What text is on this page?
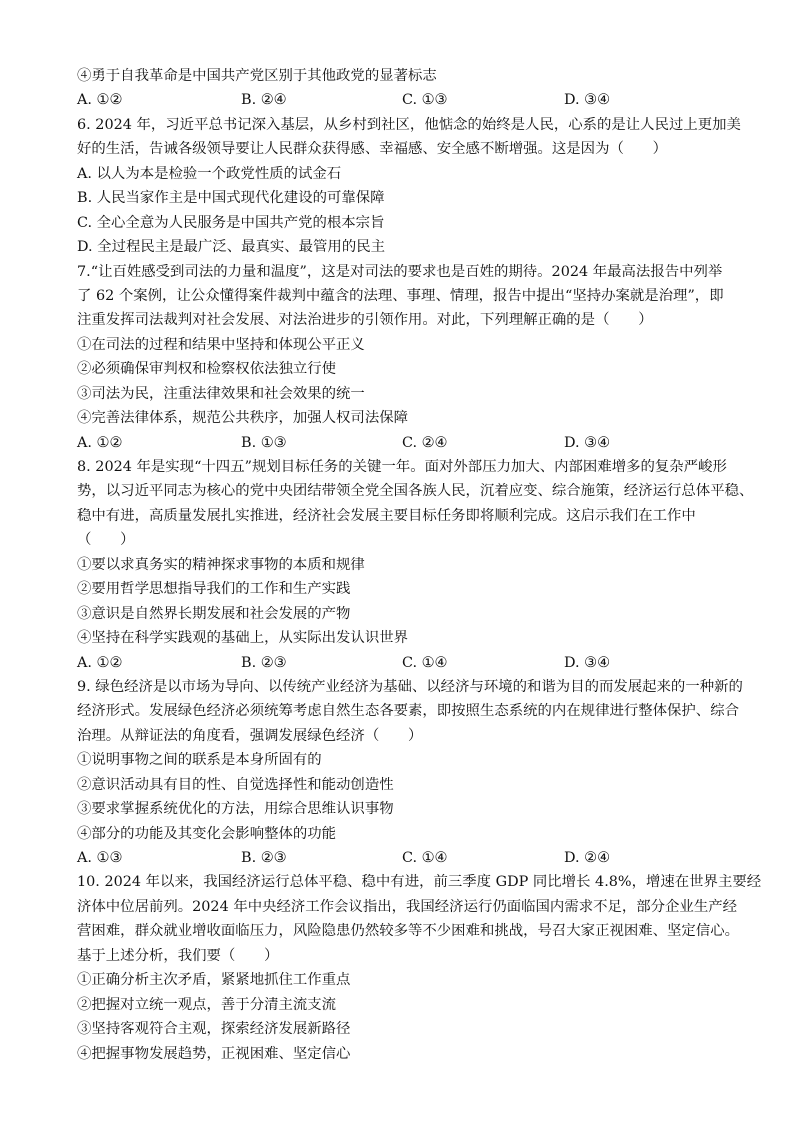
④勇于自我革命是中国共产党区别于其他政党的显著标志
A. ①②	B. ②④	C. ①③	D. ③④
6. 2024 年，习近平总书记深入基层，从乡村到社区，他惦念的始终是人民，心系的是让人民过上更加美
好的生活，告诫各级领导要让人民群众获得感、幸福感、安全感不断增强。这是因为（　　）
A. 以人为本是检验一个政党性质的试金石
B. 人民当家作主是中国式现代化建设的可靠保障
C. 全心全意为人民服务是中国共产党的根本宗旨
D. 全过程民主是最广泛、最真实、最管用的民主
7.“让百姓感受到司法的力量和温度”，这是对司法的要求也是百姓的期待。2024 年最高法报告中列举
了 62 个案例，让公众懂得案件裁判中蕴含的法理、事理、情理，报告中提出“坚持办案就是治理”，即
注重发挥司法裁判对社会发展、对法治进步的引领作用。对此，下列理解正确的是（　　）
①在司法的过程和结果中坚持和体现公平正义
②必须确保审判权和检察权依法独立行使
③司法为民，注重法律效果和社会效果的统一
④完善法律体系，规范公共秩序，加强人权司法保障
A. ①②	B. ①③	C. ②④	D. ③④
8. 2024 年是实现“十四五”规划目标任务的关键一年。面对外部压力加大、内部困难增多的复杂严峻形
势，以习近平同志为核心的党中央团结带领全党全国各族人民，沉着应变、综合施策，经济运行总体平稳、
稳中有进，高质量发展扎实推进，经济社会发展主要目标任务即将顺利完成。这启示我们在工作中
（　　）
①要以求真务实的精神探求事物的本质和规律
②要用哲学思想指导我们的工作和生产实践
③意识是自然界长期发展和社会发展的产物
④坚持在科学实践观的基础上，从实际出发认识世界
A. ①②	B. ②③	C. ①④	D. ③④
9. 绿色经济是以市场为导向、以传统产业经济为基础、以经济与环境的和谐为目的而发展起来的一种新的
经济形式。发展绿色经济必须统筹考虑自然生态各要素，即按照生态系统的内在规律进行整体保护、综合
治理。从辩证法的角度看，强调发展绿色经济（　　）
①说明事物之间的联系是本身所固有的
②意识活动具有目的性、自觉选择性和能动创造性
③要求掌握系统优化的方法，用综合思维认识事物
④部分的功能及其变化会影响整体的功能
A. ①③	B. ②③	C. ①④	D. ②④
10. 2024 年以来，我国经济运行总体平稳、稳中有进，前三季度 GDP 同比增长 4.8%，增速在世界主要经
济体中位居前列。2024 年中央经济工作会议指出，我国经济运行仍面临国内需求不足，部分企业生产经
营困难，群众就业增收面临压力，风险隐患仍然较多等不少困难和挑战，号召大家正视困难、坚定信心。
基于上述分析，我们要（　　）
①正确分析主次矛盾，紧紧地抓住工作重点
②把握对立统一观点，善于分清主流支流
③坚持客观符合主观，探索经济发展新路径
④把握事物发展趋势，正视困难、坚定信心
